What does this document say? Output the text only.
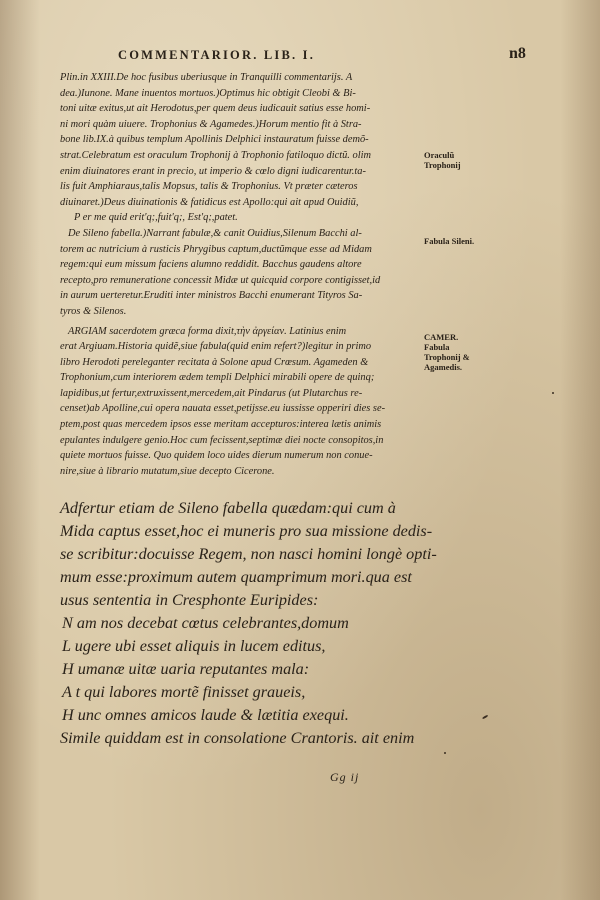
COMMENTARIOR. LIB. I.	n8
Plin.in XXIII.De hoc fusibus uberiusque in Tranquilli commentarijs. A
dea.)Iunone. Mane inuentos mortuos.)Optimus hic obtigit Cleobi & Bi-
toni uitæ exitus,ut ait Herodotus,per quem deus iudicauit satius esse homi-
ni mori quàm uiuere. Trophonius & Agamedes.)Horum mentio fit à Stra-
bone lib.IX.à quibus templum Apollinis Delphici instauratum fuisse demõ-
strat.Celebratum est oraculum Trophonij à Trophonio fatiloquo dictũ. olim
enim diuinatores erant in precio, ut imperio & cœlo digni iudicarentur.ta-
lis fuit Amphiaraus,talis Mopsus, talis & Trophonius. Vt præter cæteros
diuinaret.)Deus diuinationis & fatidicus est Apollo:qui ait apud Ouidiũ,
P er me quid erit'q;,fuit'q;, Est'q;,patet.
De Sileno fabella.)Narrant fabulæ,& canit Ouidius,Silenum Bacchi al-
torem ac nutricium à rusticis Phrygibus captum,ductũmque esse ad Midam
regem:qui eum missum faciens alumno reddidit. Bacchus gaudens altore
recepto,pro remuneratione concessit Midæ ut quicquid corpore contigisset,id
in aurum uerteretur.Eruditi inter ministros Bacchi enumerant Tityros Sa-
tyros & Silenos.
ARGIAM sacerdotem græca forma dixit,τὴν ἀργείαν. Latinius enim
erat Argiuam.Historia quidẽ,siue fabula(quid enim refert?)legitur in primo
libro Herodoti pereleganter recitata à Solone apud Crœsum. Agameden &
Trophonium,cum interiorem ædem templi Delphici mirabili opere de quinq;
lapidibus,ut fertur,extruxissent,mercedem,ait Pindarus (ut Plutarchus re-
censet)ab Apolline,cui opera nauata esset,petijsse.eu iussisse opperiri dies se-
ptem,post quas mercedem ipsos esse meritam accepturos:interea lætis animis
epulantes indulgere genio.Hoc cum fecissent,septimæ diei nocte consopitos,in
quiete mortuos fuisse. Quo quidem loco uides dierum numerum non conue-
nire,siue à librario mutatum,siue decepto Cicerone.
Oraculũ Trophonij
Fabula Sileni.
CAMER. Fabula Trophonij & Agamedis.
Adfertur etiam de Sileno fabella quædam:qui cum à
Mida captus esset,hoc ei muneris pro sua missione dedis-
se scribitur:docuisse Regem, non nasci homini longè opti-
mum esse:proximum autem quamprimum mori.qua est
usus sententia in Cresphonte Euripides:
N am nos decebat cœtus celebrantes,domum
L ugere ubi esset aliquis in lucem editus,
H umanæ uitæ uaria reputantes mala:
A t qui labores mortẽ finisset graueis,
H unc omnes amicos laude & lætitia exequi.
Simile quiddam est in consolatione Crantoris. ait enim
Gg ij
